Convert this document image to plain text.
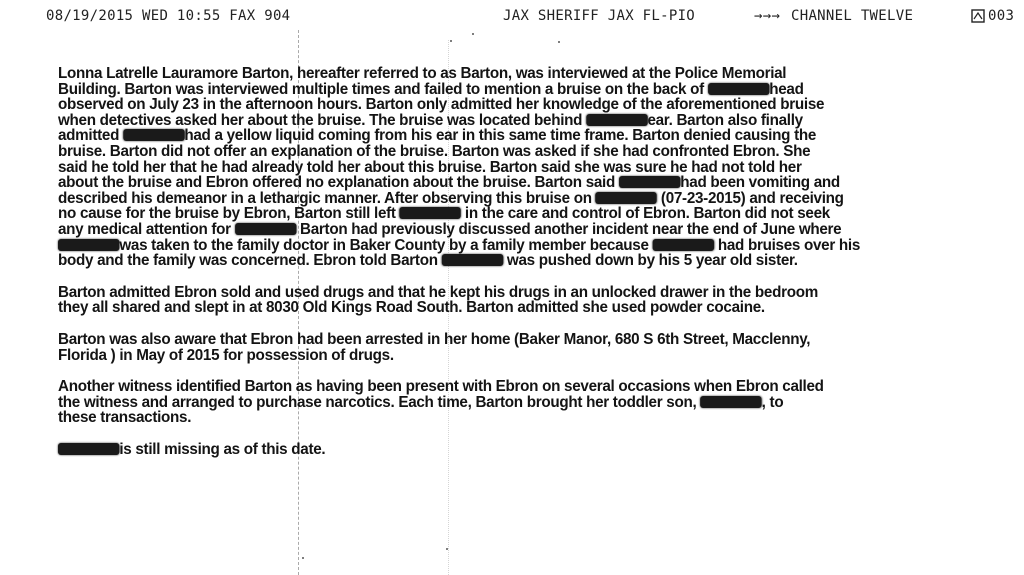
08/19/2015 WED 10:55 FAX 904	JAX SHERIFF JAX FL-PIO	→→→ CHANNEL TWELVE	003
Lonna Latrelle Lauramore Barton, hereafter referred to as Barton, was interviewed at the Police Memorial
Building. Barton was interviewed multiple times and failed to mention a bruise on the back of	head
observed on July 23 in the afternoon hours. Barton only admitted her knowledge of the aforementioned bruise
when detectives asked her about the bruise. The bruise was located behind	ear. Barton also finally
admitted	had a yellow liquid coming from his ear in this same time frame. Barton denied causing the
bruise. Barton did not offer an explanation of the bruise. Barton was asked if she had confronted Ebron. She
said he told her that he had already told her about this bruise. Barton said she was sure he had not told her
about the bruise and Ebron offered no explanation about the bruise. Barton said	had been vomiting and
described his demeanor in a lethargic manner. After observing this bruise on	(07-23-2015) and receiving
no cause for the bruise by Ebron, Barton still left	in the care and control of Ebron. Barton did not seek
any medical attention for	Barton had previously discussed another incident near the end of June where
was taken to the family doctor in Baker County by a family member because	had bruises over his
body and the family was concerned. Ebron told Barton	was pushed down by his 5 year old sister.
Barton admitted Ebron sold and used drugs and that he kept his drugs in an unlocked drawer in the bedroom
they all shared and slept in at 8030 Old Kings Road South. Barton admitted she used powder cocaine.
Barton was also aware that Ebron had been arrested in her home (Baker Manor, 680 S 6th Street, Macclenny,
Florida ) in May of 2015 for possession of drugs.
Another witness identified Barton as having been present with Ebron on several occasions when Ebron called
the witness and arranged to purchase narcotics. Each time, Barton brought her toddler son,	, to
these transactions.
is still missing as of this date.
